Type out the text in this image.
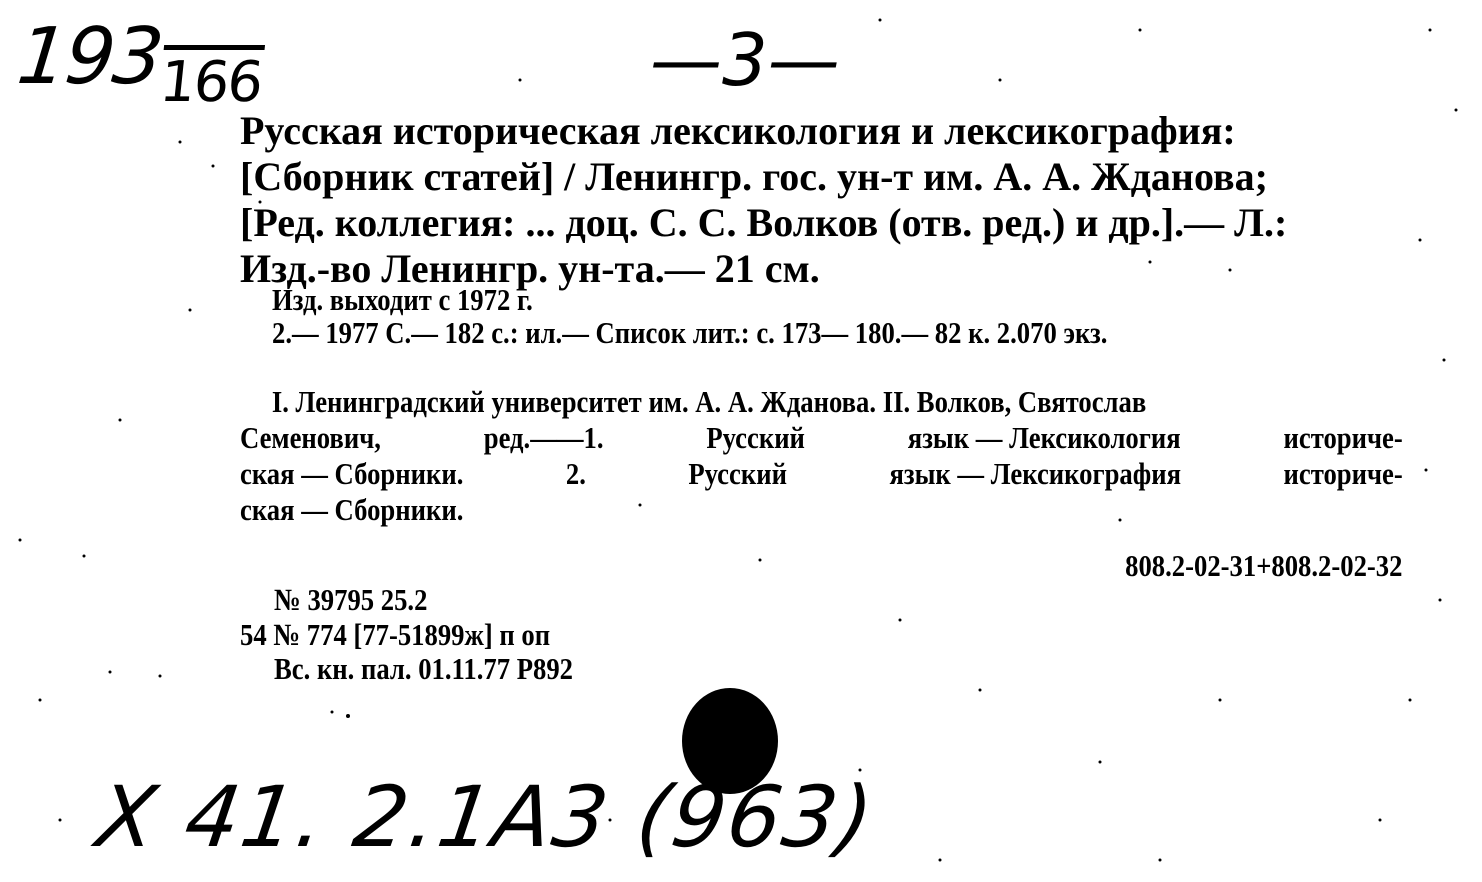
$193_{166}$	—3—
Русская историческая лексикология и лексикография:
[Сборник статей] / Ленингр. гос. ун-т им. А. А. Жданова;
[Ред. коллегия: ... доц. С. С. Волков (отв. ред.) и др.].— Л.:
Изд.-во Ленингр. ун-та.— 21 см.
Изд. выходит с 1972 г.
2.— 1977 С.— 182 с.: ил.— Список лит.: с. 173— 180.— 82 к. 2.070 экз.
I. Ленинградский университет им. А. А. Жданова. II. Волков, Святослав
Семенович,	ред.——1.	Русский	язык — Лексикология	историче-
ская — Сборники.	2.	Русский	язык — Лексикография	историче-
ская — Сборники.
808.2-02-31+808.2-02-32
№ 39795 25.2
54 № 774 [77-51899ж] п оп
Вс. кн. пал. 01.11.77 Р892
X 41. 2.1А3 (963)
